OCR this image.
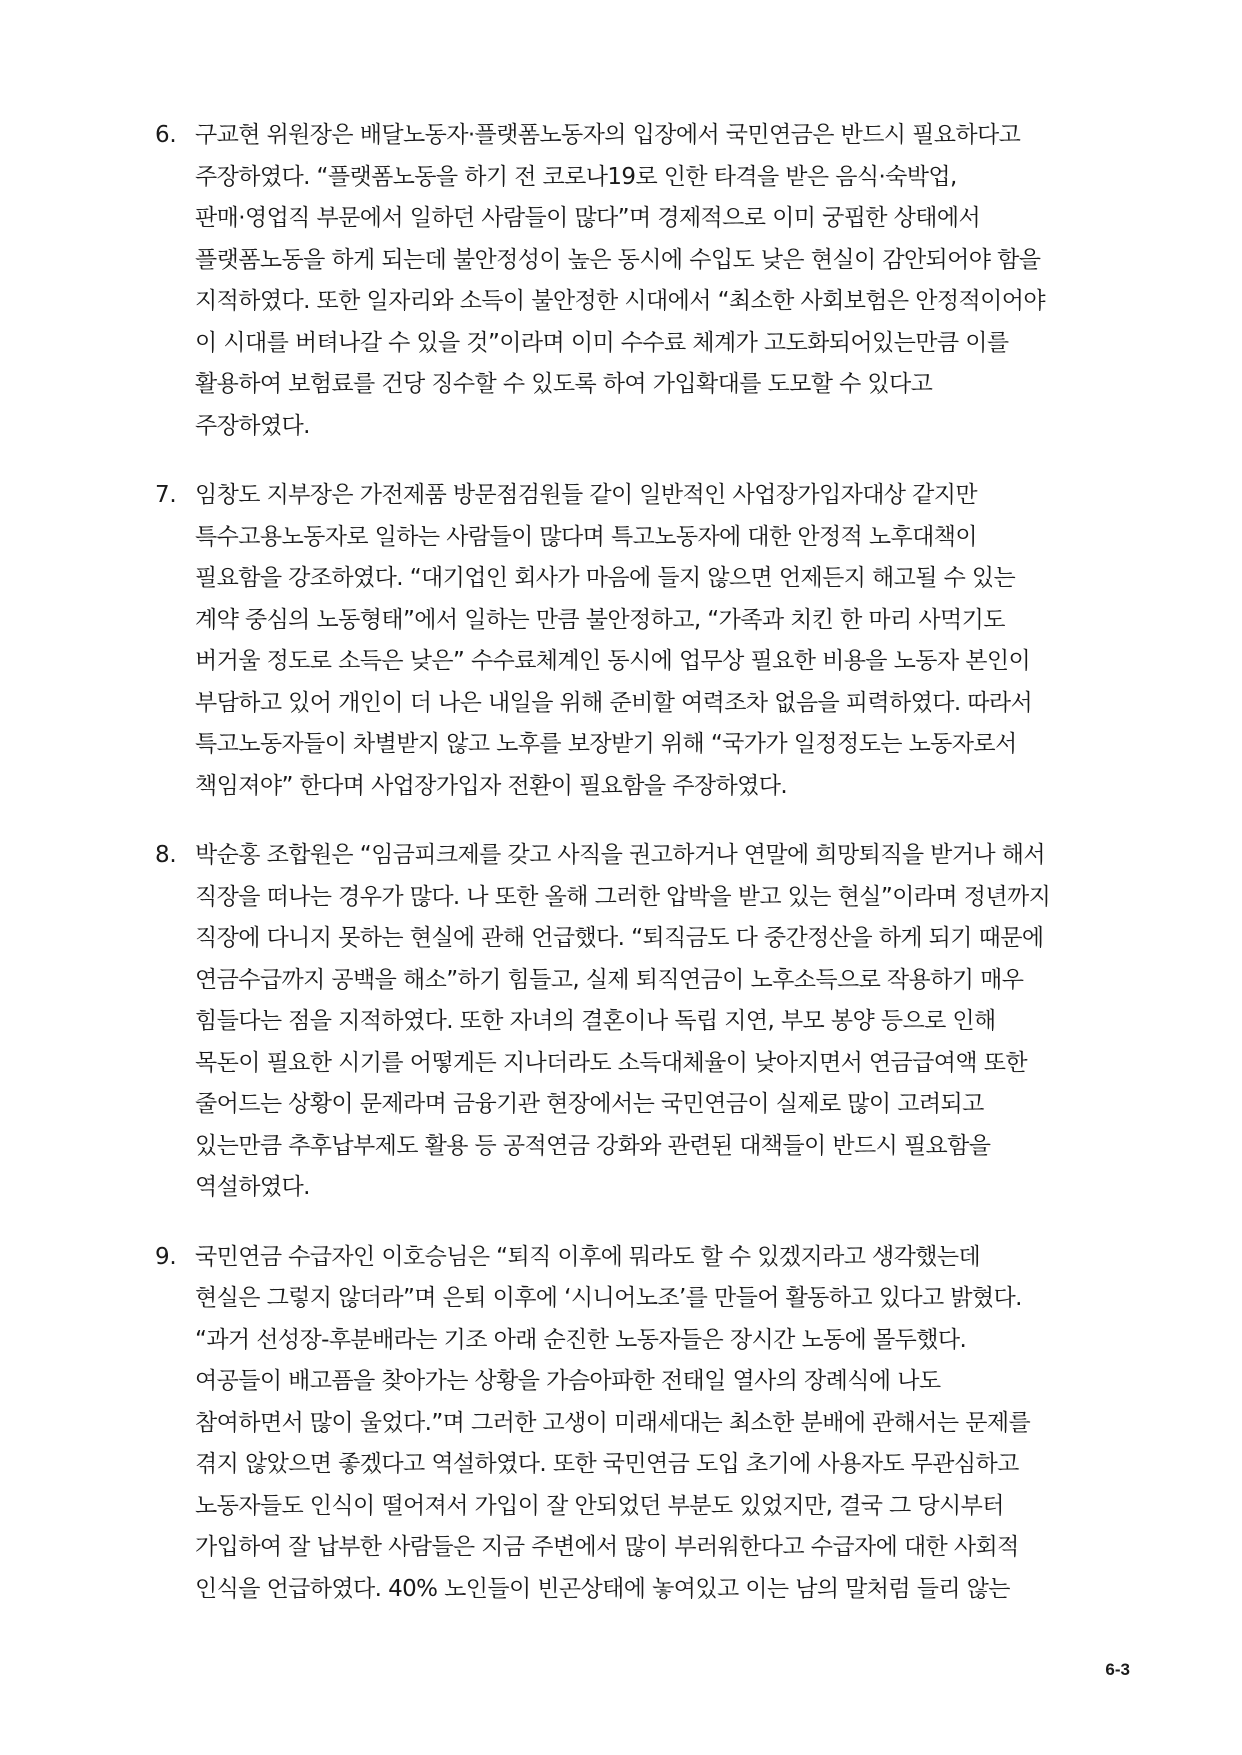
6. 구교현 위원장은 배달노동자·플랫폼노동자의 입장에서 국민연금은 반드시 필요하다고
주장하였다. “플랫폼노동을 하기 전 코로나19로 인한 타격을 받은 음식·숙박업,
판매·영업직 부문에서 일하던 사람들이 많다”며 경제적으로 이미 궁핍한 상태에서
플랫폼노동을 하게 되는데 불안정성이 높은 동시에 수입도 낮은 현실이 감안되어야 함을
지적하였다. 또한 일자리와 소득이 불안정한 시대에서 “최소한 사회보험은 안정적이어야
이 시대를 버텨나갈 수 있을 것”이라며 이미 수수료 체계가 고도화되어있는만큼 이를
활용하여 보험료를 건당 징수할 수 있도록 하여 가입확대를 도모할 수 있다고
주장하였다.
7. 임창도 지부장은 가전제품 방문점검원들 같이 일반적인 사업장가입자대상 같지만
특수고용노동자로 일하는 사람들이 많다며 특고노동자에 대한 안정적 노후대책이
필요함을 강조하였다. “대기업인 회사가 마음에 들지 않으면 언제든지 해고될 수 있는
계약 중심의 노동형태”에서 일하는 만큼 불안정하고, “가족과 치킨 한 마리 사먹기도
버거울 정도로 소득은 낮은” 수수료체계인 동시에 업무상 필요한 비용을 노동자 본인이
부담하고 있어 개인이 더 나은 내일을 위해 준비할 여력조차 없음을 피력하였다. 따라서
특고노동자들이 차별받지 않고 노후를 보장받기 위해 “국가가 일정정도는 노동자로서
책임져야” 한다며 사업장가입자 전환이 필요함을 주장하였다.
8. 박순홍 조합원은 “임금피크제를 갖고 사직을 권고하거나 연말에 희망퇴직을 받거나 해서
직장을 떠나는 경우가 많다. 나 또한 올해 그러한 압박을 받고 있는 현실”이라며 정년까지
직장에 다니지 못하는 현실에 관해 언급했다. “퇴직금도 다 중간정산을 하게 되기 때문에
연금수급까지 공백을 해소”하기 힘들고, 실제 퇴직연금이 노후소득으로 작용하기 매우
힘들다는 점을 지적하였다. 또한 자녀의 결혼이나 독립 지연, 부모 봉양 등으로 인해
목돈이 필요한 시기를 어떻게든 지나더라도 소득대체율이 낮아지면서 연금급여액 또한
줄어드는 상황이 문제라며 금융기관 현장에서는 국민연금이 실제로 많이 고려되고
있는만큼 추후납부제도 활용 등 공적연금 강화와 관련된 대책들이 반드시 필요함을
역설하였다.
9. 국민연금 수급자인 이호승님은 “퇴직 이후에 뭐라도 할 수 있겠지라고 생각했는데
현실은 그렇지 않더라”며 은퇴 이후에 ‘시니어노조’를 만들어 활동하고 있다고 밝혔다.
“과거 선성장-후분배라는 기조 아래 순진한 노동자들은 장시간 노동에 몰두했다.
여공들이 배고픔을 찾아가는 상황을 가슴아파한 전태일 열사의 장례식에 나도
참여하면서 많이 울었다.”며 그러한 고생이 미래세대는 최소한 분배에 관해서는 문제를
겪지 않았으면 좋겠다고 역설하였다. 또한 국민연금 도입 초기에 사용자도 무관심하고
노동자들도 인식이 떨어져서 가입이 잘 안되었던 부분도 있었지만, 결국 그 당시부터
가입하여 잘 납부한 사람들은 지금 주변에서 많이 부러워한다고 수급자에 대한 사회적
인식을 언급하였다. 40% 노인들이 빈곤상태에 놓여있고 이는 남의 말처럼 들리 않는
6-3
